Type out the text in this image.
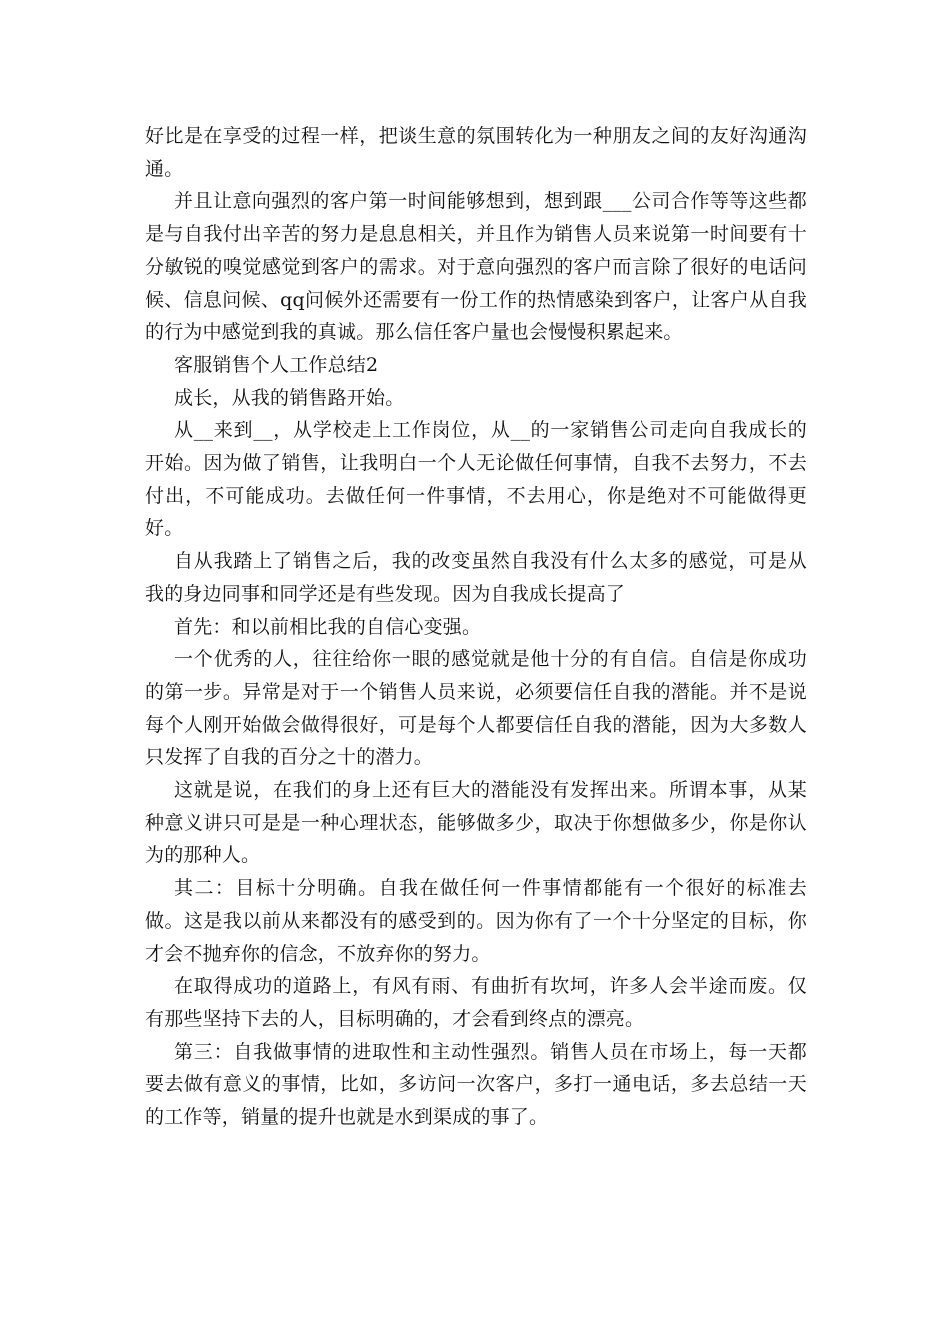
好比是在享受的过程一样，把谈生意的氛围转化为一种朋友之间的友好沟通沟通。

并且让意向强烈的客户第一时间能够想到，想到跟___公司合作等等这些都是与自我付出辛苦的努力是息息相关，并且作为销售人员来说第一时间要有十分敏锐的嗅觉感觉到客户的需求。对于意向强烈的客户而言除了很好的电话问候、信息问候、qq问候外还需要有一份工作的热情感染到客户，让客户从自我的行为中感觉到我的真诚。那么信任客户量也会慢慢积累起来。

客服销售个人工作总结2

成长，从我的销售路开始。

从__来到__，从学校走上工作岗位，从__的一家销售公司走向自我成长的开始。因为做了销售，让我明白一个人无论做任何事情，自我不去努力，不去付出，不可能成功。去做任何一件事情，不去用心，你是绝对不可能做得更好。

自从我踏上了销售之后，我的改变虽然自我没有什么太多的感觉，可是从我的身边同事和同学还是有些发现。因为自我成长提高了

首先：和以前相比我的自信心变强。

一个优秀的人，往往给你一眼的感觉就是他十分的有自信。自信是你成功的第一步。异常是对于一个销售人员来说，必须要信任自我的潜能。并不是说每个人刚开始做会做得很好，可是每个人都要信任自我的潜能，因为大多数人只发挥了自我的百分之十的潜力。

这就是说，在我们的身上还有巨大的潜能没有发挥出来。所谓本事，从某种意义讲只可是是一种心理状态，能够做多少，取决于你想做多少，你是你认为的那种人。

其二：目标十分明确。自我在做任何一件事情都能有一个很好的标准去做。这是我以前从来都没有的感受到的。因为你有了一个十分坚定的目标，你才会不抛弃你的信念，不放弃你的努力。

在取得成功的道路上，有风有雨、有曲折有坎坷，许多人会半途而废。仅有那些坚持下去的人，目标明确的，才会看到终点的漂亮。

第三：自我做事情的进取性和主动性强烈。销售人员在市场上，每一天都要去做有意义的事情，比如，多访问一次客户，多打一通电话，多去总结一天的工作等，销量的提升也就是水到渠成的事了。
